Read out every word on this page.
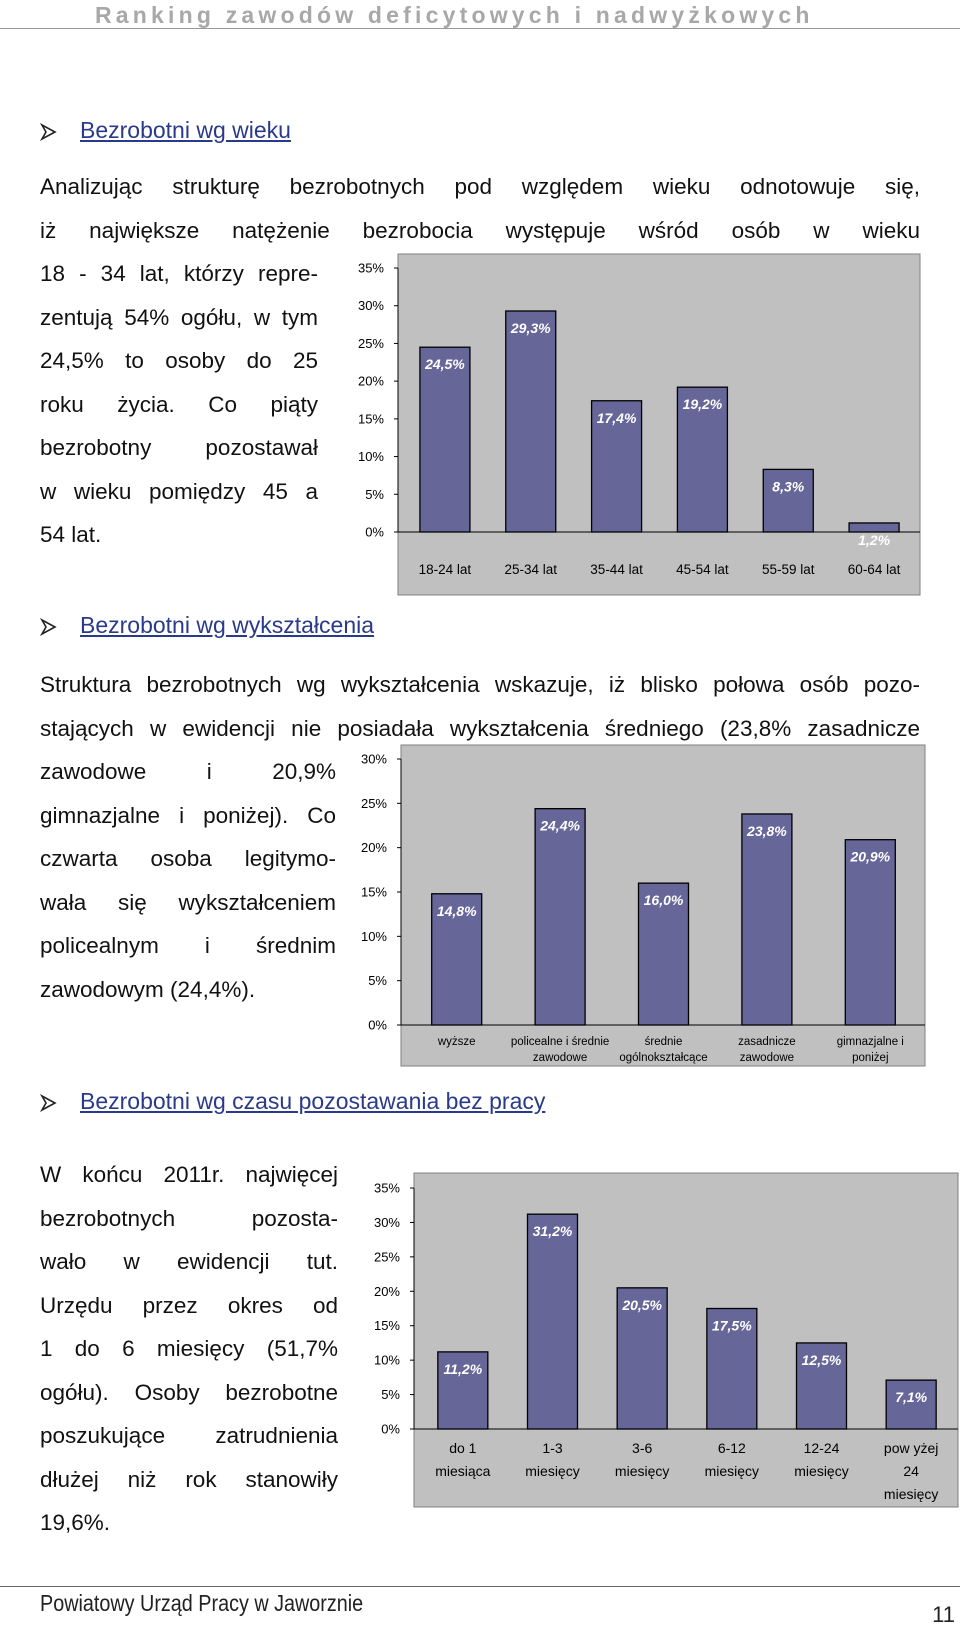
Ranking zawodów deficytowych i nadwyżkowych
Bezrobotni wg wieku
Analizując strukturę bezrobotnych pod względem wieku odnotowuje się,
iż największe natężenie bezrobocia występuje wśród osób w wieku
18 - 34 lat, którzy repre-
zentują 54% ogółu, w tym
24,5% to osoby do 25
roku życia. Co piąty
bezrobotny pozostawał
w wieku pomiędzy 45 a
54 lat.	0%
5%
10%
15%
20%
25%
30%
35%
24,5%
18-24 lat
29,3%
25-34 lat
17,4%
35-44 lat
19,2%
45-54 lat
8,3%
55-59 lat
1,2%
60-64 lat
Bezrobotni wg wykształcenia
Struktura bezrobotnych wg wykształcenia wskazuje, iż blisko połowa osób pozo-
stających w ewidencji nie posiadała wykształcenia średniego (23,8% zasadnicze
zawodowe i 20,9%
gimnazjalne i poniżej). Co
czwarta osoba legitymo-
wała się wykształceniem
policealnym i średnim
zawodowym (24,4%).
0%
5%
10%
15%
20%
25%
30%
14,8%
wyższe
24,4%
policealne i średnie zawodowe
16,0%
średnie ogólnokształcące
23,8%
zasadnicze zawodowe
20,9%
gimnazjalne i poniżej
Bezrobotni wg czasu pozostawania bez pracy
W końcu 2011r. najwięcej
bezrobotnych pozosta-
wało w ewidencji tut.
Urzędu przez okres od
1 do 6 miesięcy (51,7%
ogółu). Osoby bezrobotne
poszukujące zatrudnienia
dłużej niż rok stanowiły
19,6%.
0%
5%
10%
15%
20%
25%
30%
35%
11,2%
do 1 miesiąca
31,2%
1-3 miesięcy
20,5%
3-6 miesięcy
17,5%
6-12 miesięcy
12,5%
12-24 miesięcy
7,1%
pow yżej 24 miesięcy
Powiatowy Urząd Pracy w Jaworznie	11
